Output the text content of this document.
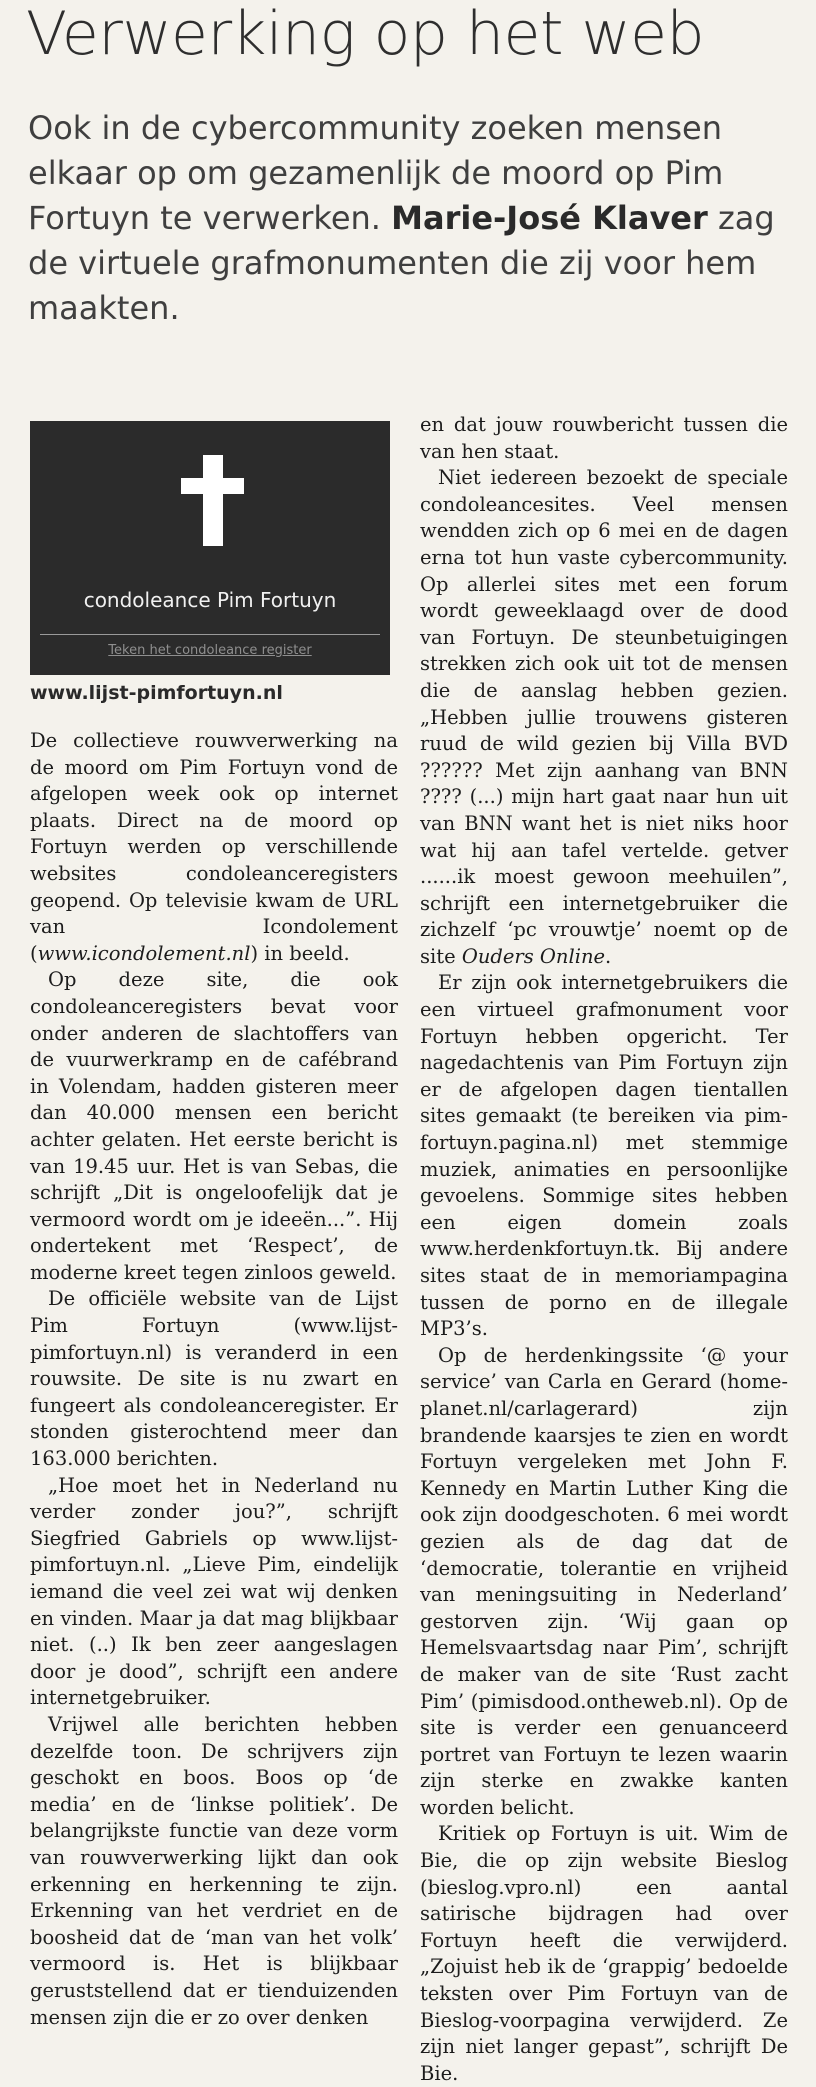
Verwerking op het web
Ook in de cybercommunity zoeken mensen elkaar op om gezamenlijk de moord op Pim Fortuyn te verwerken. Marie-José Klaver zag de virtuele grafmonumenten die zij voor hem maakten.
condoleance Pim Fortuyn
Teken het condoleance register
www.lijst-pimfortuyn.nl

De collectieve rouwverwerking na de moord om Pim Fortuyn vond de afgelopen week ook op internet plaats. Direct na de moord op Fortuyn werden op verschillende websites condoleanceregisters geopend. Op televisie kwam de URL van Icondolement (www.icondolement.nl) in beeld.

Op deze site, die ook condoleanceregisters bevat voor onder anderen de slachtoffers van de vuurwerkramp en de cafébrand in Volendam, hadden gisteren meer dan 40.000 mensen een bericht achter gelaten. Het eerste bericht is van 19.45 uur. Het is van Sebas, die schrijft „Dit is ongeloofelijk dat je vermoord wordt om je ideeën...”. Hij ondertekent met ‘Respect’, de moderne kreet tegen zinloos geweld.

De officiële website van de Lijst Pim Fortuyn (www.lijst-pimfortuyn.nl) is veranderd in een rouwsite. De site is nu zwart en fungeert als condoleanceregister. Er stonden gisterochtend meer dan 163.000 berichten.

„Hoe moet het in Nederland nu verder zonder jou?”, schrijft Siegfried Gabriels op www.lijst-pimfortuyn.nl. „Lieve Pim, eindelijk iemand die veel zei wat wij denken en vinden. Maar ja dat mag blijkbaar niet. (..) Ik ben zeer aangeslagen door je dood”, schrijft een andere internetgebruiker.

Vrijwel alle berichten hebben dezelfde toon. De schrijvers zijn geschokt en boos. Boos op ‘de media’ en de ‘linkse politiek’. De belangrijkste functie van deze vorm van rouwverwerking lijkt dan ook erkenning en herkenning te zijn. Erkenning van het verdriet en de boosheid dat de ‘man van het volk’ vermoord is. Het is blijkbaar geruststellend dat er tienduizenden mensen zijn die er zo over denken

en dat jouw rouwbericht tussen die van hen staat.

Niet iedereen bezoekt de speciale condoleancesites. Veel mensen wendden zich op 6 mei en de dagen erna tot hun vaste cybercommunity. Op allerlei sites met een forum wordt geweeklaagd over de dood van Fortuyn. De steunbetuigingen strekken zich ook uit tot de mensen die de aanslag hebben gezien. „Hebben jullie trouwens gisteren ruud de wild gezien bij Villa BVD ?????? Met zijn aanhang van BNN ???? (...) mijn hart gaat naar hun uit van BNN want het is niet niks hoor wat hij aan tafel vertelde. getver ......ik moest gewoon meehuilen”, schrijft een internetgebruiker die zichzelf ‘pc vrouwtje’ noemt op de site Ouders Online.

Er zijn ook internetgebruikers die een virtueel grafmonument voor Fortuyn hebben opgericht. Ter nagedachtenis van Pim Fortuyn zijn er de afgelopen dagen tientallen sites gemaakt (te bereiken via pim-fortuyn.pagina.nl) met stemmige muziek, animaties en persoonlijke gevoelens. Sommige sites hebben een eigen domein zoals www.herdenkfortuyn.tk. Bij andere sites staat de in memoriampagina tussen de porno en de illegale MP3’s.

Op de herdenkingssite ‘@ your service’ van Carla en Gerard (home-planet.nl/carlagerard) zijn brandende kaarsjes te zien en wordt Fortuyn vergeleken met John F. Kennedy en Martin Luther King die ook zijn doodgeschoten. 6 mei wordt gezien als de dag dat de ‘democratie, tolerantie en vrijheid van meningsuiting in Nederland’ gestorven zijn. ‘Wij gaan op Hemelsvaartsdag naar Pim’, schrijft de maker van de site ‘Rust zacht Pim’ (pimisdood.ontheweb.nl). Op de site is verder een genuanceerd portret van Fortuyn te lezen waarin zijn sterke en zwakke kanten worden belicht.

Kritiek op Fortuyn is uit. Wim de Bie, die op zijn website Bieslog (bieslog.vpro.nl) een aantal satirische bijdragen had over Fortuyn heeft die verwijderd. „Zojuist heb ik de ‘grappig’ bedoelde teksten over Pim Fortuyn van de Bieslog-voorpagina verwijderd. Ze zijn niet langer gepast”, schrijft De Bie.
